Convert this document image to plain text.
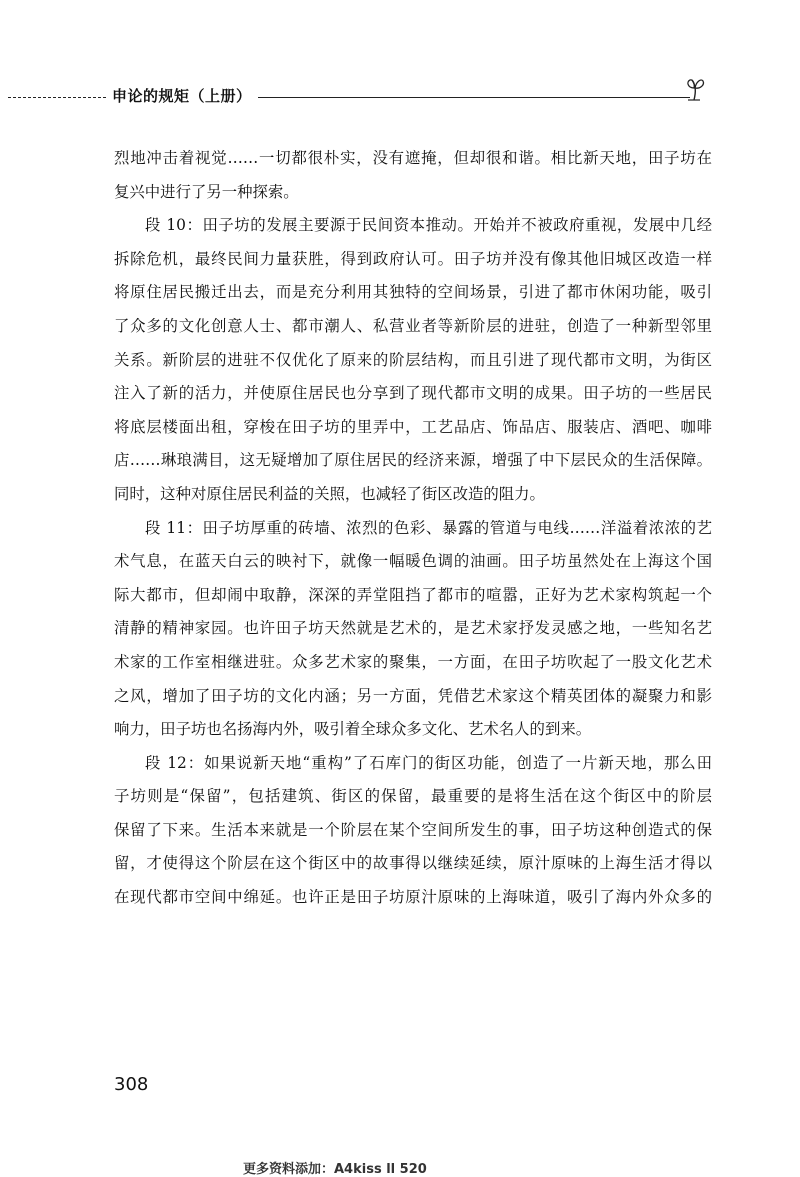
申论的规矩（上册）
烈地冲击着视觉……一切都很朴实，没有遮掩，但却很和谐。相比新天地，田子坊在
复兴中进行了另一种探索。
段 10：田子坊的发展主要源于民间资本推动。开始并不被政府重视，发展中几经
拆除危机，最终民间力量获胜，得到政府认可。田子坊并没有像其他旧城区改造一样
将原住居民搬迁出去，而是充分利用其独特的空间场景，引进了都市休闲功能，吸引
了众多的文化创意人士、都市潮人、私营业者等新阶层的进驻，创造了一种新型邻里
关系。新阶层的进驻不仅优化了原来的阶层结构，而且引进了现代都市文明，为街区
注入了新的活力，并使原住居民也分享到了现代都市文明的成果。田子坊的一些居民
将底层楼面出租，穿梭在田子坊的里弄中，工艺品店、饰品店、服装店、酒吧、咖啡
店……琳琅满目，这无疑增加了原住居民的经济来源，增强了中下层民众的生活保障。
同时，这种对原住居民利益的关照，也减轻了街区改造的阻力。
段 11：田子坊厚重的砖墙、浓烈的色彩、暴露的管道与电线……洋溢着浓浓的艺
术气息，在蓝天白云的映衬下，就像一幅暖色调的油画。田子坊虽然处在上海这个国
际大都市，但却闹中取静，深深的弄堂阻挡了都市的喧嚣，正好为艺术家构筑起一个
清静的精神家园。也许田子坊天然就是艺术的，是艺术家抒发灵感之地，一些知名艺
术家的工作室相继进驻。众多艺术家的聚集，一方面，在田子坊吹起了一股文化艺术
之风，增加了田子坊的文化内涵；另一方面，凭借艺术家这个精英团体的凝聚力和影
响力，田子坊也名扬海内外，吸引着全球众多文化、艺术名人的到来。
段 12：如果说新天地“重构”了石库门的街区功能，创造了一片新天地，那么田
子坊则是“保留”，包括建筑、街区的保留，最重要的是将生活在这个街区中的阶层
保留了下来。生活本来就是一个阶层在某个空间所发生的事，田子坊这种创造式的保
留，才使得这个阶层在这个街区中的故事得以继续延续，原汁原味的上海生活才得以
在现代都市空间中绵延。也许正是田子坊原汁原味的上海味道，吸引了海内外众多的
308
更多资料添加：A4kiss ll 520
